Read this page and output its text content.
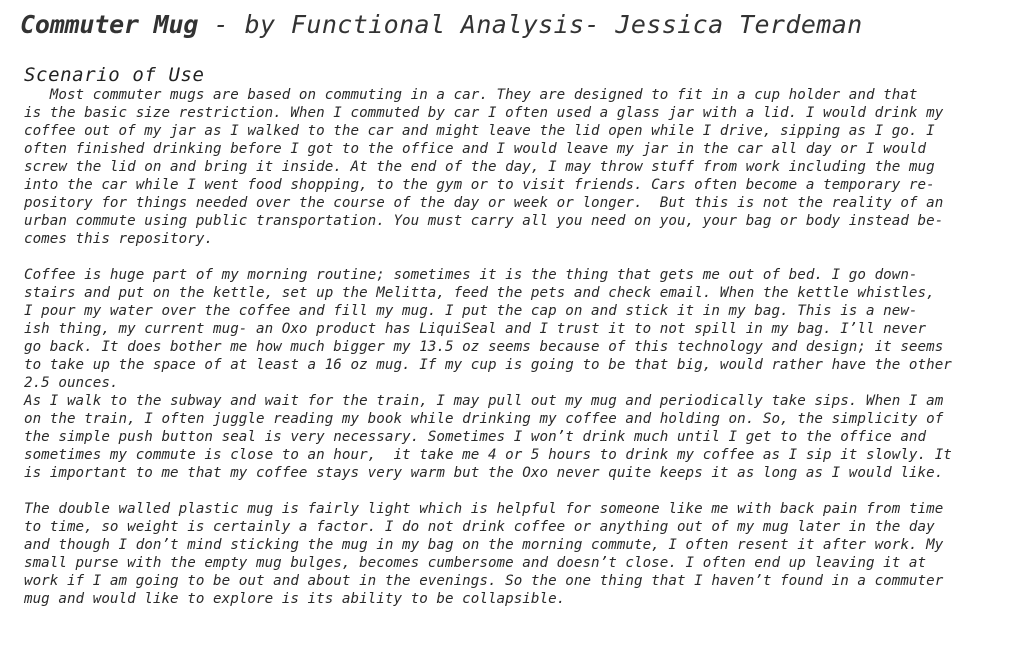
Commuter Mug - by Functional Analysis- Jessica Terdeman
Scenario of Use

Most commuter mugs are based on commuting in a car. They are designed to fit in a cup holder and that
is the basic size restriction. When I commuted by car I often used a glass jar with a lid. I would drink my
coffee out of my jar as I walked to the car and might leave the lid open while I drive, sipping as I go. I
often finished drinking before I got to the office and I would leave my jar in the car all day or I would
screw the lid on and bring it inside. At the end of the day, I may throw stuff from work including the mug
into the car while I went food shopping, to the gym or to visit friends. Cars often become a temporary re-
pository for things needed over the course of the day or week or longer.  But this is not the reality of an
urban commute using public transportation. You must carry all you need on you, your bag or body instead be-
comes this repository.

Coffee is huge part of my morning routine; sometimes it is the thing that gets me out of bed. I go down-
stairs and put on the kettle, set up the Melitta, feed the pets and check email. When the kettle whistles,
I pour my water over the coffee and fill my mug. I put the cap on and stick it in my bag. This is a new-
ish thing, my current mug- an Oxo product has LiquiSeal and I trust it to not spill in my bag. I’ll never
go back. It does bother me how much bigger my 13.5 oz seems because of this technology and design; it seems
to take up the space of at least a 16 oz mug. If my cup is going to be that big, would rather have the other
2.5 ounces.

As I walk to the subway and wait for the train, I may pull out my mug and periodically take sips. When I am
on the train, I often juggle reading my book while drinking my coffee and holding on. So, the simplicity of
the simple push button seal is very necessary. Sometimes I won’t drink much until I get to the office and
sometimes my commute is close to an hour,  it take me 4 or 5 hours to drink my coffee as I sip it slowly. It
is important to me that my coffee stays very warm but the Oxo never quite keeps it as long as I would like.

The double walled plastic mug is fairly light which is helpful for someone like me with back pain from time
to time, so weight is certainly a factor. I do not drink coffee or anything out of my mug later in the day
and though I don’t mind sticking the mug in my bag on the morning commute, I often resent it after work. My
small purse with the empty mug bulges, becomes cumbersome and doesn’t close. I often end up leaving it at
work if I am going to be out and about in the evenings. So the one thing that I haven’t found in a commuter
mug and would like to explore is its ability to be collapsible.
